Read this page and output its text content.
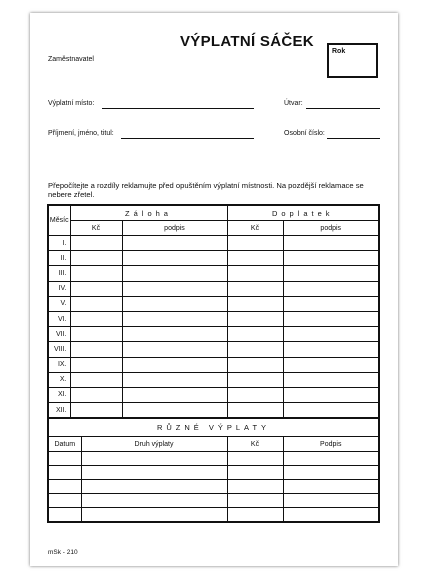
VÝPLATNÍ SÁČEK
Rok
Zaměstnavatel
Výplatní místo:	Útvar:
Příjmení, jméno, titul:	Osobní číslo:
Přepočítejte a rozdíly reklamujte před opuštěním výplatní místnosti. Na pozdější reklamace se nebere zřetel.
Měsíc	Záloha		Doplatek	
	Kč	podpis	Kč	podpis
I.				
II.				
III.				
IV.				
V.				
VI.				
VII.				
VIII.				
IX.				
X.				
XI.				
XII.				
RŮZNÉ VÝPLATY			
Datum	Druh výplaty	Kč	Podpis

mSk - 210
